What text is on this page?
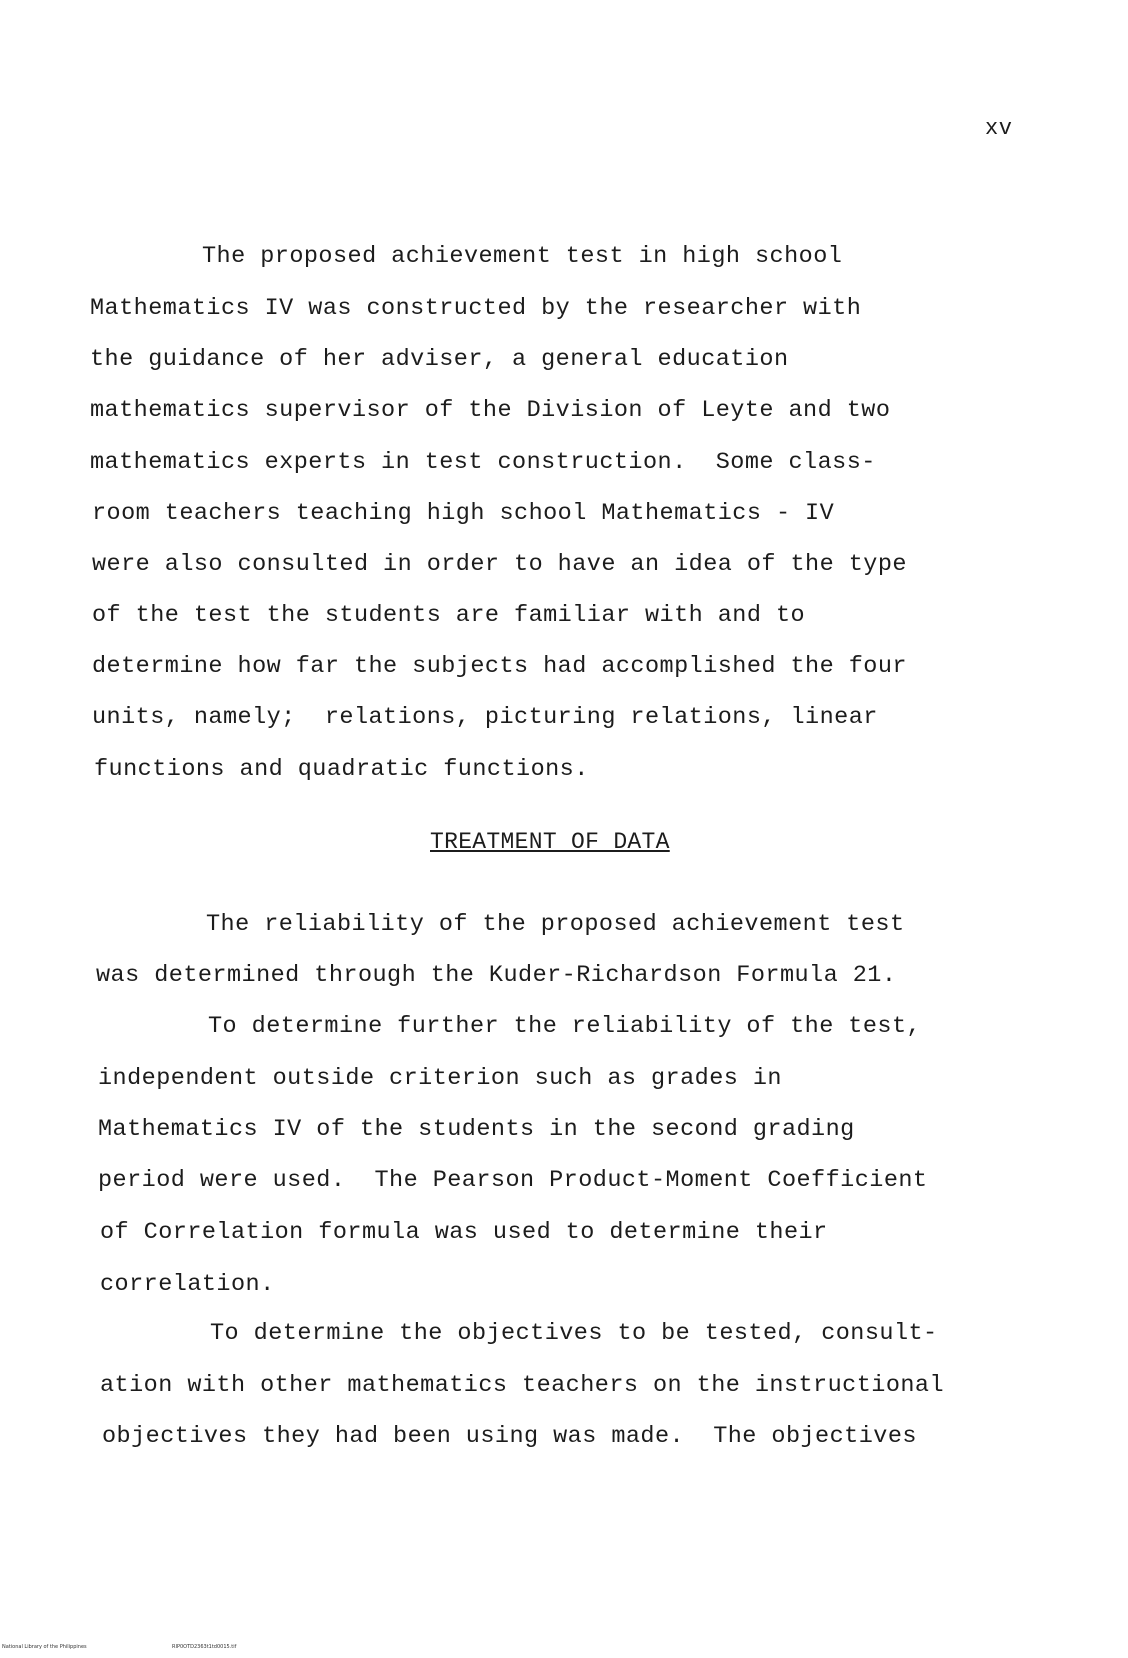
xv
The proposed achievement test in high school
Mathematics IV was constructed by the researcher with
the guidance of her adviser, a general education
mathematics supervisor of the Division of Leyte and two
mathematics experts in test construction.  Some class-
room teachers teaching high school Mathematics - IV
were also consulted in order to have an idea of the type
of the test the students are familiar with and to
determine how far the subjects had accomplished the four
units, namely;  relations, picturing relations, linear
functions and quadratic functions.
TREATMENT OF DATA
The reliability of the proposed achievement test
was determined through the Kuder-Richardson Formula 21.
To determine further the reliability of the test,
independent outside criterion such as grades in
Mathematics IV of the students in the second grading
period were used.  The Pearson Product-Moment Coefficient
of Correlation formula was used to determine their
correlation.
To determine the objectives to be tested, consult-
ation with other mathematics teachers on the instructional
objectives they had been using was made.  The objectives
National Library of the Philippines	RIP0OTD2363t1td0015.tif
